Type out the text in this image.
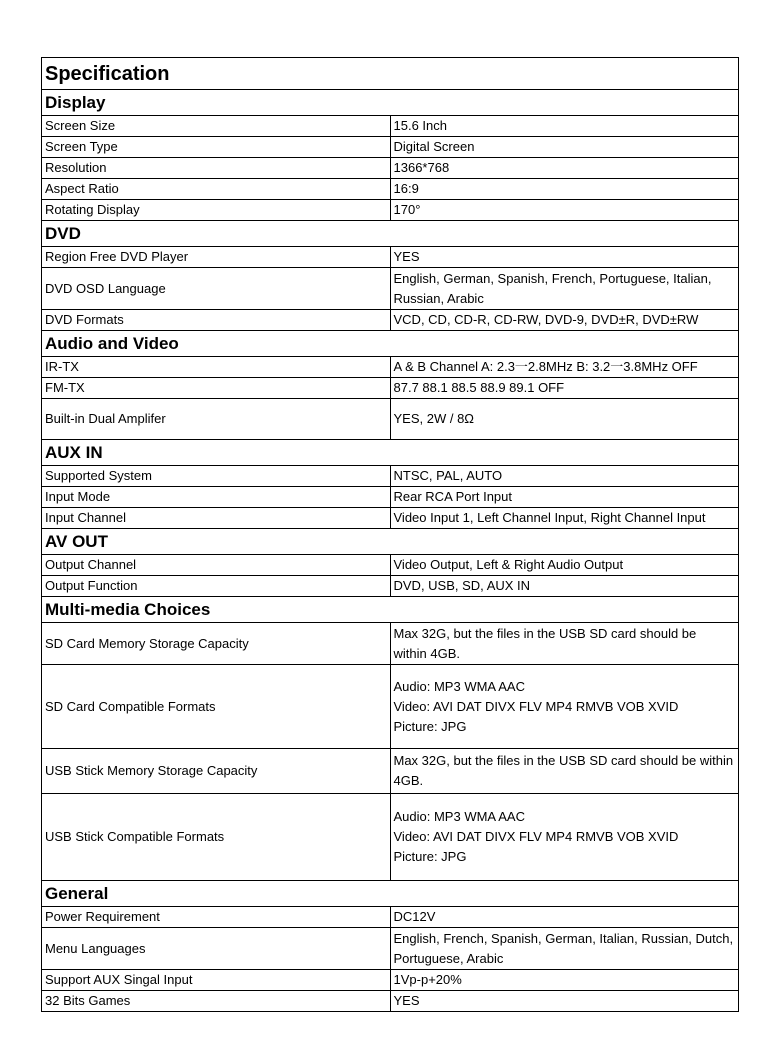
Specification	
Display	
Screen Size	15.6 Inch
Screen Type	Digital Screen
Resolution	1366*768
Aspect Ratio	16:9
Rotating Display	170°
DVD	
Region Free DVD Player	YES
DVD OSD Language	English, German, Spanish, French, Portuguese, Italian,
Russian, Arabic
DVD Formats	VCD, CD, CD-R, CD-RW, DVD-9, DVD±R, DVD±RW
Audio and Video	
IR-TX	A & B Channel A: 2.3一2.8MHz B: 3.2一3.8MHz OFF
FM-TX	87.7 88.1 88.5 88.9 89.1 OFF
Built-in Dual Amplifer	YES, 2W / 8Ω
AUX IN	
Supported System	NTSC, PAL, AUTO
Input Mode	Rear RCA Port Input
Input Channel	Video Input 1, Left Channel Input, Right Channel Input
AV OUT	
Output Channel	Video Output, Left & Right Audio Output
Output Function	DVD, USB, SD, AUX IN
Multi-media Choices	
SD Card Memory Storage Capacity	Max 32G, but the files in the USB SD card should be
within 4GB.
SD Card Compatible Formats	Audio: MP3 WMA AAC
Video: AVI DAT DIVX FLV MP4 RMVB VOB XVID
Picture: JPG
USB Stick Memory Storage Capacity	Max 32G, but the files in the USB SD card should be within
4GB.
USB Stick Compatible Formats	Audio: MP3 WMA AAC
Video: AVI DAT DIVX FLV MP4 RMVB VOB XVID
Picture: JPG
General	
Power Requirement	DC12V
Menu Languages	English, French, Spanish, German, Italian, Russian, Dutch,
Portuguese, Arabic
Support AUX Singal Input	1Vp-p+20%
32 Bits Games	YES
